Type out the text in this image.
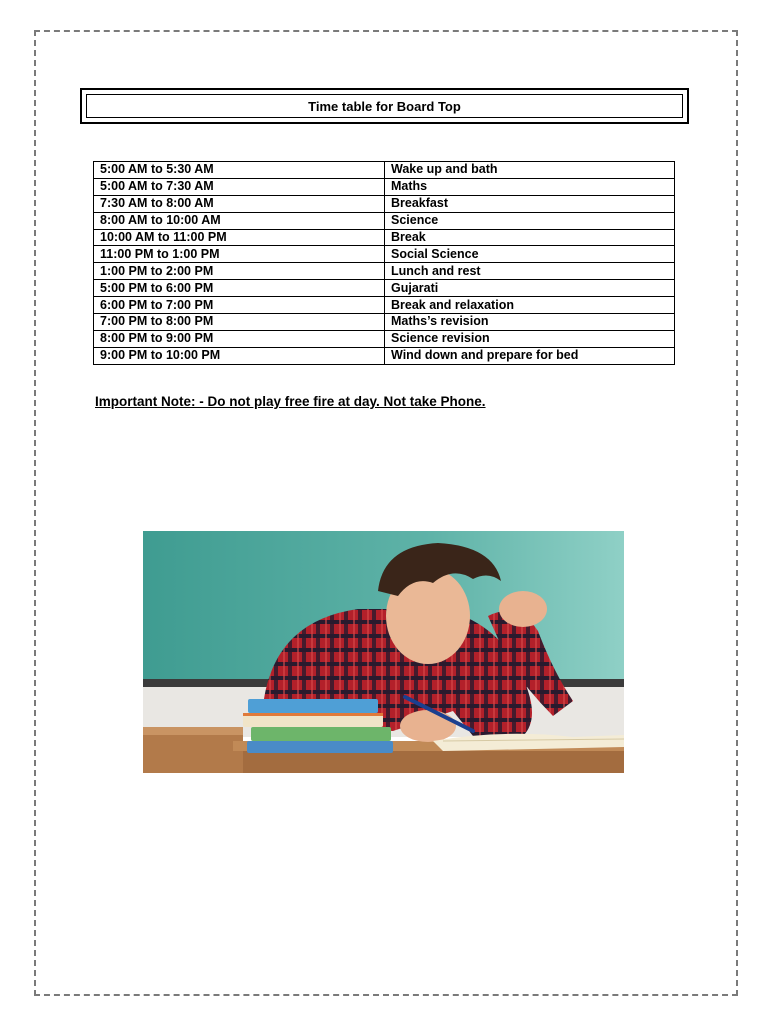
Time table for Board Top
5:00 AM to 5:30 AM	Wake up and bath
5:00 AM to 7:30 AM	Maths
7:30 AM to 8:00 AM	Breakfast
8:00 AM to 10:00 AM	Science
10:00 AM to 11:00 PM	Break
11:00 PM to 1:00 PM	Social Science
1:00 PM to 2:00 PM	Lunch and rest
5:00 PM to 6:00 PM	Gujarati
6:00 PM to 7:00 PM	Break and relaxation
7:00 PM to 8:00 PM	Maths’s revision
8:00 PM to 9:00 PM	Science revision
9:00 PM to 10:00 PM	Wind down and prepare for bed
Important Note: - Do not play free fire at day. Not take Phone.
